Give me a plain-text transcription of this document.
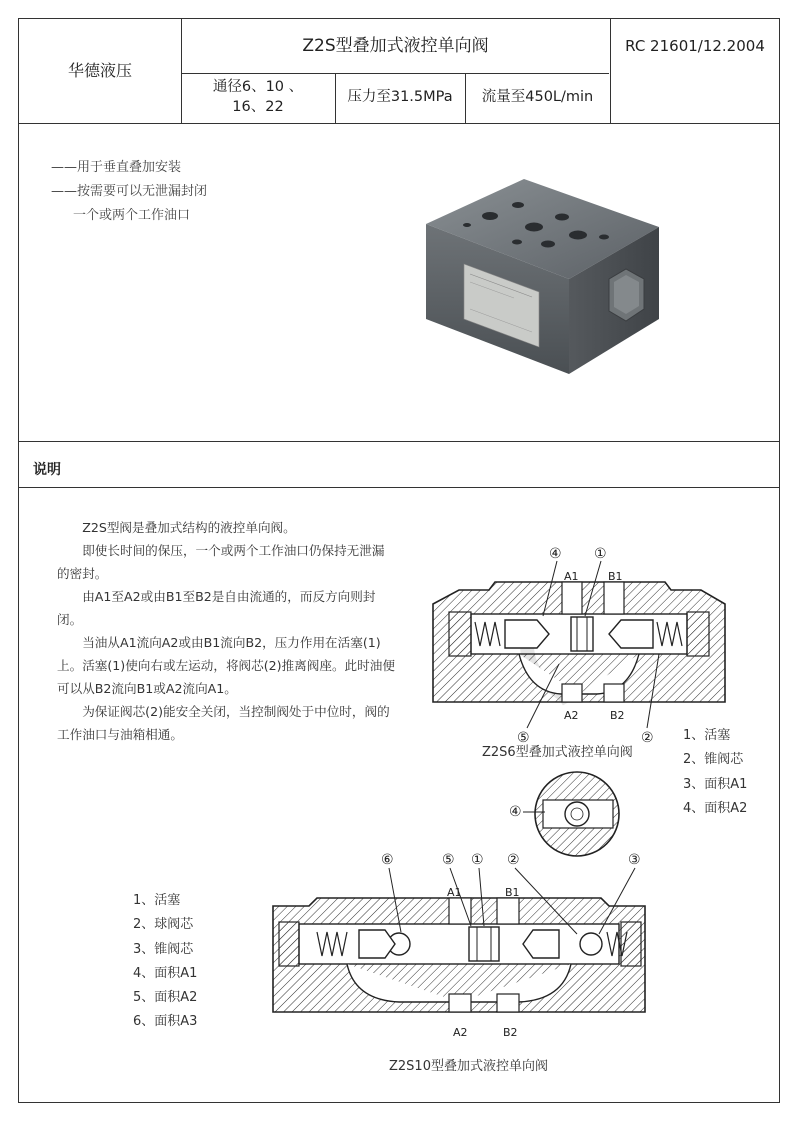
华德液压
Z2S型叠加式液控单向阀	RC 21601/12.2004
通径6、10 、
16、22
压力至31.5MPa	流量至450L/min
——用于垂直叠加安装
——按需要可以无泄漏封闭
一个或两个工作油口
说明

Z2S型阀是叠加式结构的液控单向阀。

即使长时间的保压，一个或两个工作油口仍保持无泄漏的密封。

由A1至A2或由B1至B2是自由流通的，而反方向则封闭。

当油从A1流向A2或由B1流向B2，压力作用在活塞(1)上。活塞(1)使向右或左运动，将阀芯(2)推离阀座。此时油便可以从B2流向B1或A2流向A1。

为保证阀芯(2)能安全关闭，当控制阀处于中位时，阀的工作油口与油箱相通。

A1	B1
A2	B2
④ ①
⑤	②
Z2S6型叠加式液控单向阀
1、活塞
2、锥阀芯
3、面积A1
4、面积A2
④
A1	B1
A2	B2
⑥	⑤ ① ②	③
1、活塞
2、球阀芯
3、锥阀芯
4、面积A1
5、面积A2
6、面积A3
Z2S10型叠加式液控单向阀
